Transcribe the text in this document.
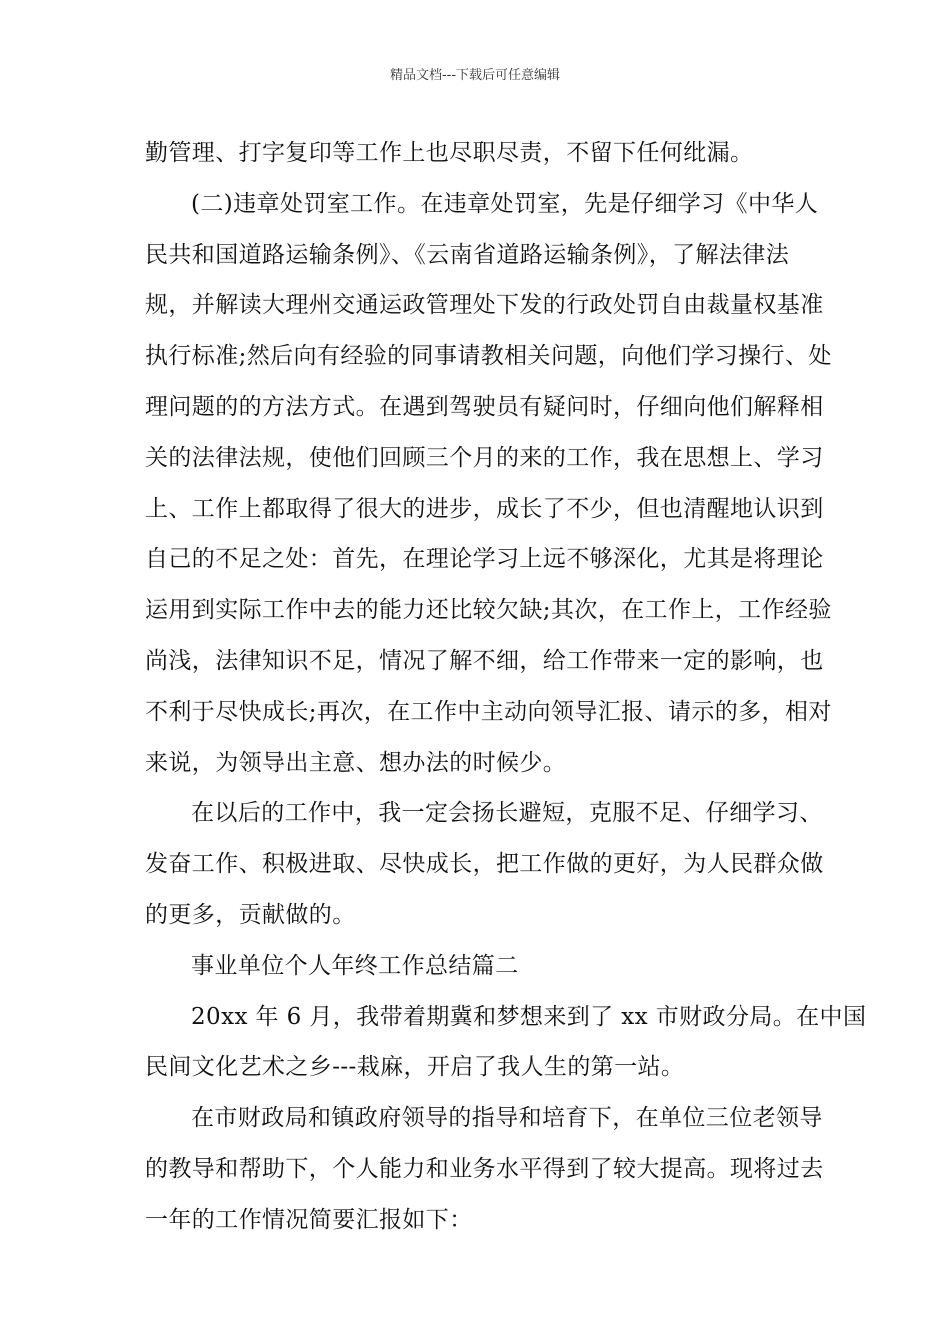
精品文档---下载后可任意编辑
勤管理、打字复印等工作上也尽职尽责，不留下任何纰漏。
(二)违章处罚室工作。在违章处罚室，先是仔细学习《中华人
民共和国道路运输条例》、《云南省道路运输条例》，了解法律法
规，并解读大理州交通运政管理处下发的行政处罚自由裁量权基准
执行标准;然后向有经验的同事请教相关问题，向他们学习操行、处
理问题的的方法方式。在遇到驾驶员有疑问时，仔细向他们解释相
关的法律法规，使他们回顾三个月的来的工作，我在思想上、学习
上、工作上都取得了很大的进步，成长了不少，但也清醒地认识到
自己的不足之处：首先，在理论学习上远不够深化，尤其是将理论
运用到实际工作中去的能力还比较欠缺;其次，在工作上，工作经验
尚浅，法律知识不足，情况了解不细，给工作带来一定的影响，也
不利于尽快成长;再次，在工作中主动向领导汇报、请示的多，相对
来说，为领导出主意、想办法的时候少。
在以后的工作中，我一定会扬长避短，克服不足、仔细学习、
发奋工作、积极进取、尽快成长，把工作做的更好，为人民群众做
的更多，贡献做的。
事业单位个人年终工作总结篇二
20xx 年 6 月，我带着期冀和梦想来到了 xx 市财政分局。在中国
民间文化艺术之乡---栽麻，开启了我人生的第一站。
在市财政局和镇政府领导的指导和培育下，在单位三位老领导
的教导和帮助下，个人能力和业务水平得到了较大提高。现将过去
一年的工作情况简要汇报如下：
